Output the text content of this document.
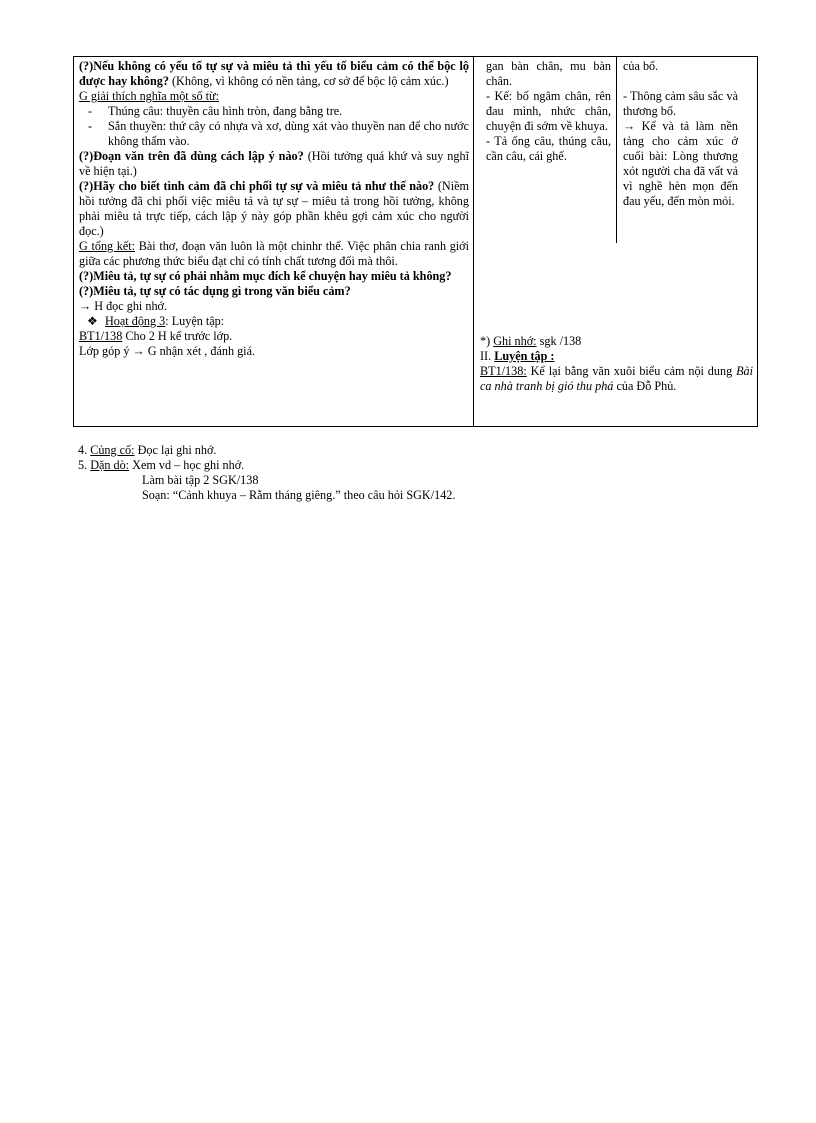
(?)Nếu không có yếu tố tự sự và miêu tả thì yếu tố biểu cảm có thể bộc lộ được hay không? (Không, vì không có nền tảng, cơ sở để bộc lộ cảm xúc.)
G giải thích nghĩa một số từ:
- Thúng câu: thuyền câu hình tròn, đang bằng tre.
- Sắn thuyền: thứ cây có nhựa và xơ, dùng xát vào thuyền nan để cho nước không thấm vào.
(?)Đoạn văn trên đã dùng cách lập ý nào? (Hồi tưởng quá khứ và suy nghĩ về hiện tại.)
(?)Hãy cho biết tình cảm đã chi phối tự sự và miêu tả như thế nào? (Niềm hồi tưởng đã chi phối việc miêu tả và tự sự – miêu tả trong hồi tưởng, không phải miêu tả trực tiếp, cách lập ý này góp phần khêu gợi cảm xúc cho người đọc.)
G tổng kết: Bài thơ, đoạn văn luôn là một chinhr thể. Việc phân chia ranh giới giữa các phương thức biểu đạt chỉ có tính chất tương đối mà thôi.
(?)Miêu tả, tự sự có phải nhằm mục đích kể chuyện hay miêu tả không?
(?)Miêu tả, tự sự có tác dụng gì trong văn biểu cảm?
→ H đọc ghi nhớ.
❖ Hoạt động 3: Luyện tập:
BT1/138 Cho 2 H kể trước lớp.
Lớp góp ý → G nhận xét , đánh giá.
gan bàn chân, mu bàn chân.
- Kể: bố ngâm chân, rên đau mình, nhức chân, chuyện đi sớm về khuya.
- Tả ống câu, thúng câu, cần câu, cái ghế.
của bố.
- Thông cảm sâu sắc và thương bố.
→ Kể và tả làm nền tảng cho cảm xúc ở cuối bài: Lòng thương xót người cha đã vất vả vì nghề hèn mọn đến đau yếu, đến mòn mỏi.
*) Ghi nhớ: sgk /138
II. Luyện tập :
BT1/138: Kể lại bằng văn xuôi biểu cảm nội dung Bài ca nhà tranh bị gió thu phá của Đỗ Phủ.
4. Củng cố: Đọc lại ghi nhớ.
5. Dặn dò: Xem vd – học ghi nhớ.
Làm bài tập 2 SGK/138
Soạn: “Cảnh khuya – Rằm tháng giêng.” theo câu hỏi SGK/142.
